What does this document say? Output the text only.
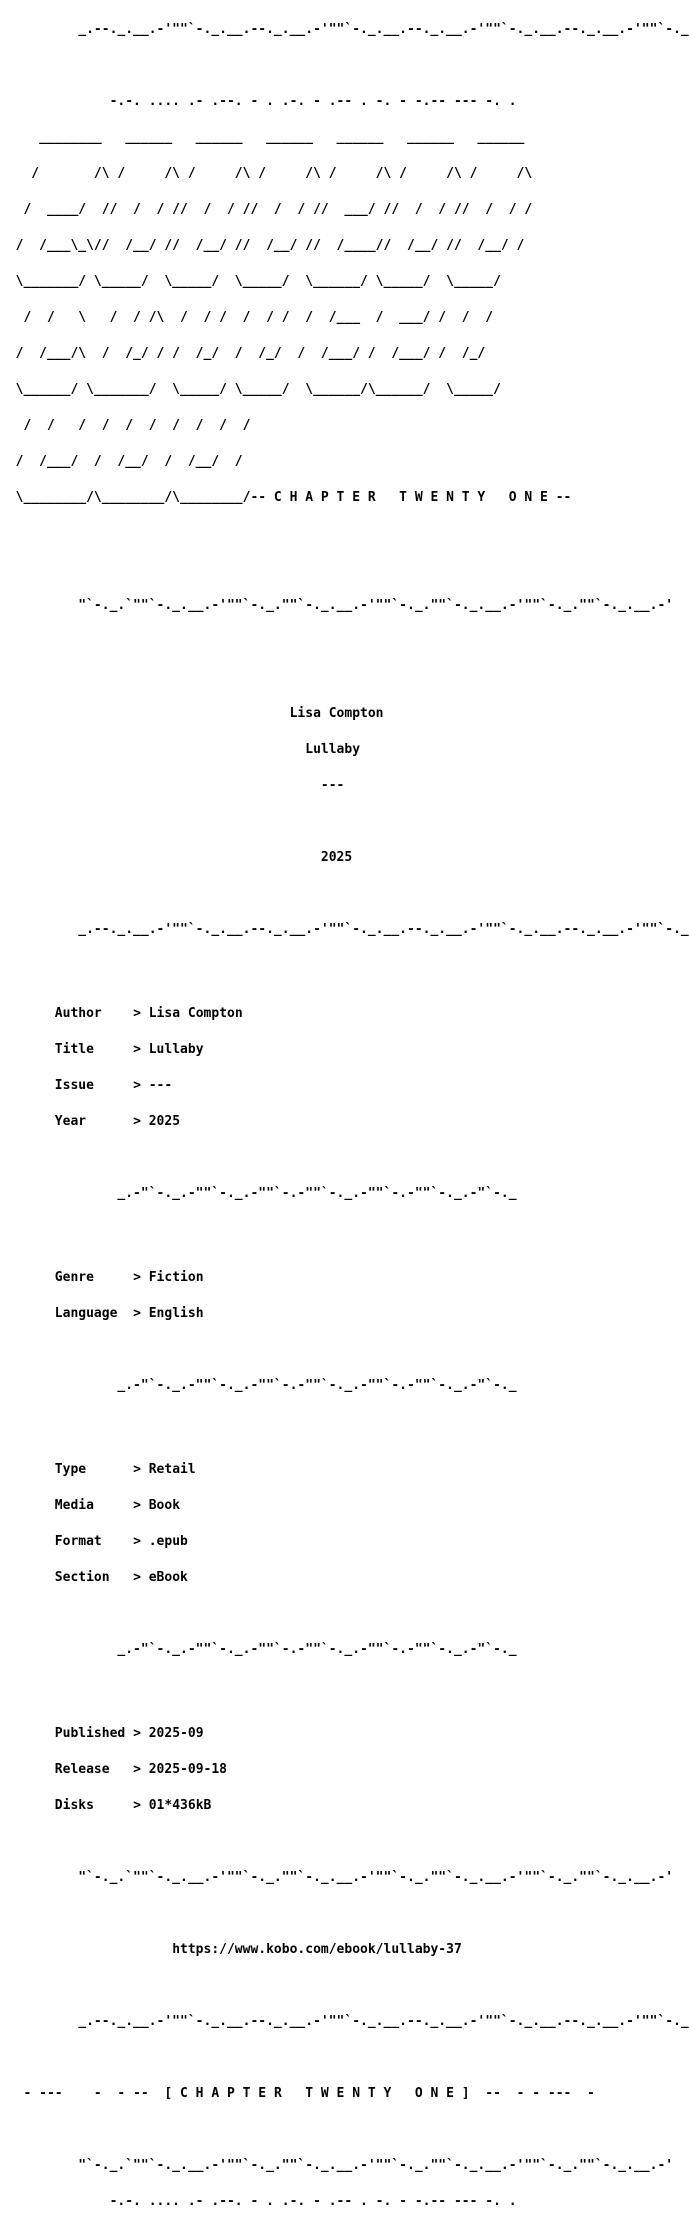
_.--._.__.-'""`-._.__.--._.__.-'""`-._.__.--._.__.-'""`-._.__.--._.__.-'""`-._

-.-. .... .- .--. - . .-. - .-- . -. - -.-- --- -. .

________   ______   ______   ______   ______   ______   ______

/       /\ /     /\ /     /\ /     /\ /     /\ /     /\ /     /\

/  ____/  //  /  / //  /  / //  /  / //  ___/ //  /  / //  /  / /

/  /___\_\//  /__/ //  /__/ //  /__/ //  /____//  /__/ //  /__/ /

\_______/ \_____/  \_____/  \_____/  \______/ \_____/  \_____/

/  /   \   /  / /\  /  / /  /  / /  /  /___  /  ___/ /  /  /

/  /___/\  /  /_/ / /  /_/  /  /_/  /  /___/ /  /___/ /  /_/

\______/ \_______/  \_____/ \_____/  \______/\______/  \_____/

/  /   /  /  /  /  /  /  /  /

/  /___/  /  /__/  /  /__/  /

\________/\________/\________/-- C H A P T E R   T W E N T Y   O N E --

"`-._.`""`-._.__.-'""`-._.""`-._.__.-'""`-._.""`-._.__.-'""`-._.""`-._.__.-'

Lisa Compton

Lullaby

---

2025

_.--._.__.-'""`-._.__.--._.__.-'""`-._.__.--._.__.-'""`-._.__.--._.__.-'""`-._

Author    > Lisa Compton

Title     > Lullaby

Issue     > ---

Year      > 2025

_.-"`-._.-""`-._.-""`-.-""`-._.-""`-.-""`-._.-"`-._

Genre     > Fiction

Language  > English

_.-"`-._.-""`-._.-""`-.-""`-._.-""`-.-""`-._.-"`-._

Type      > Retail

Media     > Book

Format    > .epub

Section   > eBook

_.-"`-._.-""`-._.-""`-.-""`-._.-""`-.-""`-._.-"`-._

Published > 2025-09

Release   > 2025-09-18

Disks     > 01*436kB

"`-._.`""`-._.__.-'""`-._.""`-._.__.-'""`-._.""`-._.__.-'""`-._.""`-._.__.-'

https://www.kobo.com/ebook/lullaby-37

_.--._.__.-'""`-._.__.--._.__.-'""`-._.__.--._.__.-'""`-._.__.--._.__.-'""`-._

- ---    -  - --  [ C H A P T E R   T W E N T Y   O N E ]  --  - - ---  -

"`-._.`""`-._.__.-'""`-._.""`-._.__.-'""`-._.""`-._.__.-'""`-._.""`-._.__.-'

-.-. .... .- .--. - . .-. - .-- . -. - -.-- --- -. .
